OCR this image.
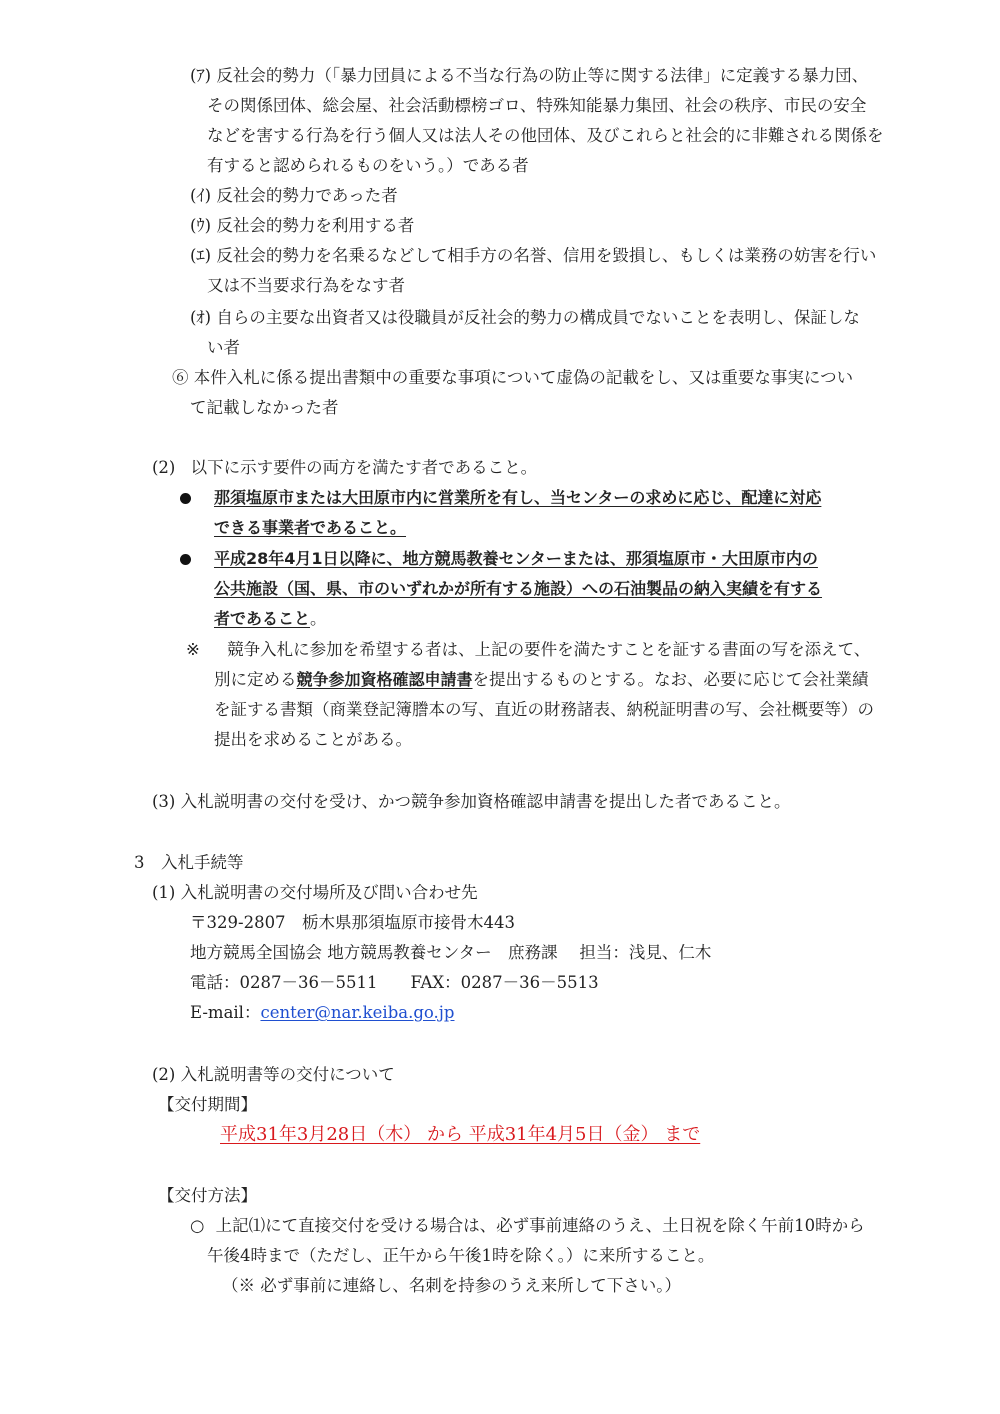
(ｱ) 反社会的勢力（「暴力団員による不当な行為の防止等に関する法律」に定義する暴力団、
その関係団体、総会屋、社会活動標榜ゴロ、特殊知能暴力集団、社会の秩序、市民の安全
などを害する行為を行う個人又は法人その他団体、及びこれらと社会的に非難される関係を
有すると認められるものをいう。）である者
(ｲ) 反社会的勢力であった者
(ｳ) 反社会的勢力を利用する者
(ｴ) 反社会的勢力を名乗るなどして相手方の名誉、信用を毀損し、もしくは業務の妨害を行い
又は不当要求行為をなす者
(ｵ) 自らの主要な出資者又は役職員が反社会的勢力の構成員でないことを表明し、保証しな
い者
⑥ 本件入札に係る提出書類中の重要な事項について虚偽の記載をし、又は重要な事実につい
て記載しなかった者
(2) 以下に示す要件の両方を満たす者であること。
那須塩原市または大田原市内に営業所を有し、当センターの求めに応じ、配達に対応
できる事業者であること。
平成28年4月1日以降に、地方競馬教養センターまたは、那須塩原市・大田原市内の
公共施設（国、県、市のいずれかが所有する施設）への石油製品の納入実績を有する
者であること。
※ 競争入札に参加を希望する者は、上記の要件を満たすことを証する書面の写を添えて、
別に定める競争参加資格確認申請書を提出するものとする。なお、必要に応じて会社業績
を証する書類（商業登記簿謄本の写、直近の財務諸表、納税証明書の写、会社概要等）の
提出を求めることがある。
(3) 入札説明書の交付を受け、かつ競争参加資格確認申請書を提出した者であること。
3　入札手続等
(1) 入札説明書の交付場所及び問い合わせ先
〒329-2807　栃木県那須塩原市接骨木443
地方競馬全国協会 地方競馬教養センター　庶務課　 担当：浅見、仁木
電話：0287－36－5511　　FAX：0287－36－5513
E-mail：center@nar.keiba.go.jp
(2) 入札説明書等の交付について
【交付期間】
平成31年3月28日（木） から 平成31年4月5日（金） まで
【交付方法】
○ 上記⑴にて直接交付を受ける場合は、必ず事前連絡のうえ、土日祝を除く午前10時から
午後4時まで（ただし、正午から午後1時を除く。）に来所すること。
（※ 必ず事前に連絡し、名刺を持参のうえ来所して下さい。）
